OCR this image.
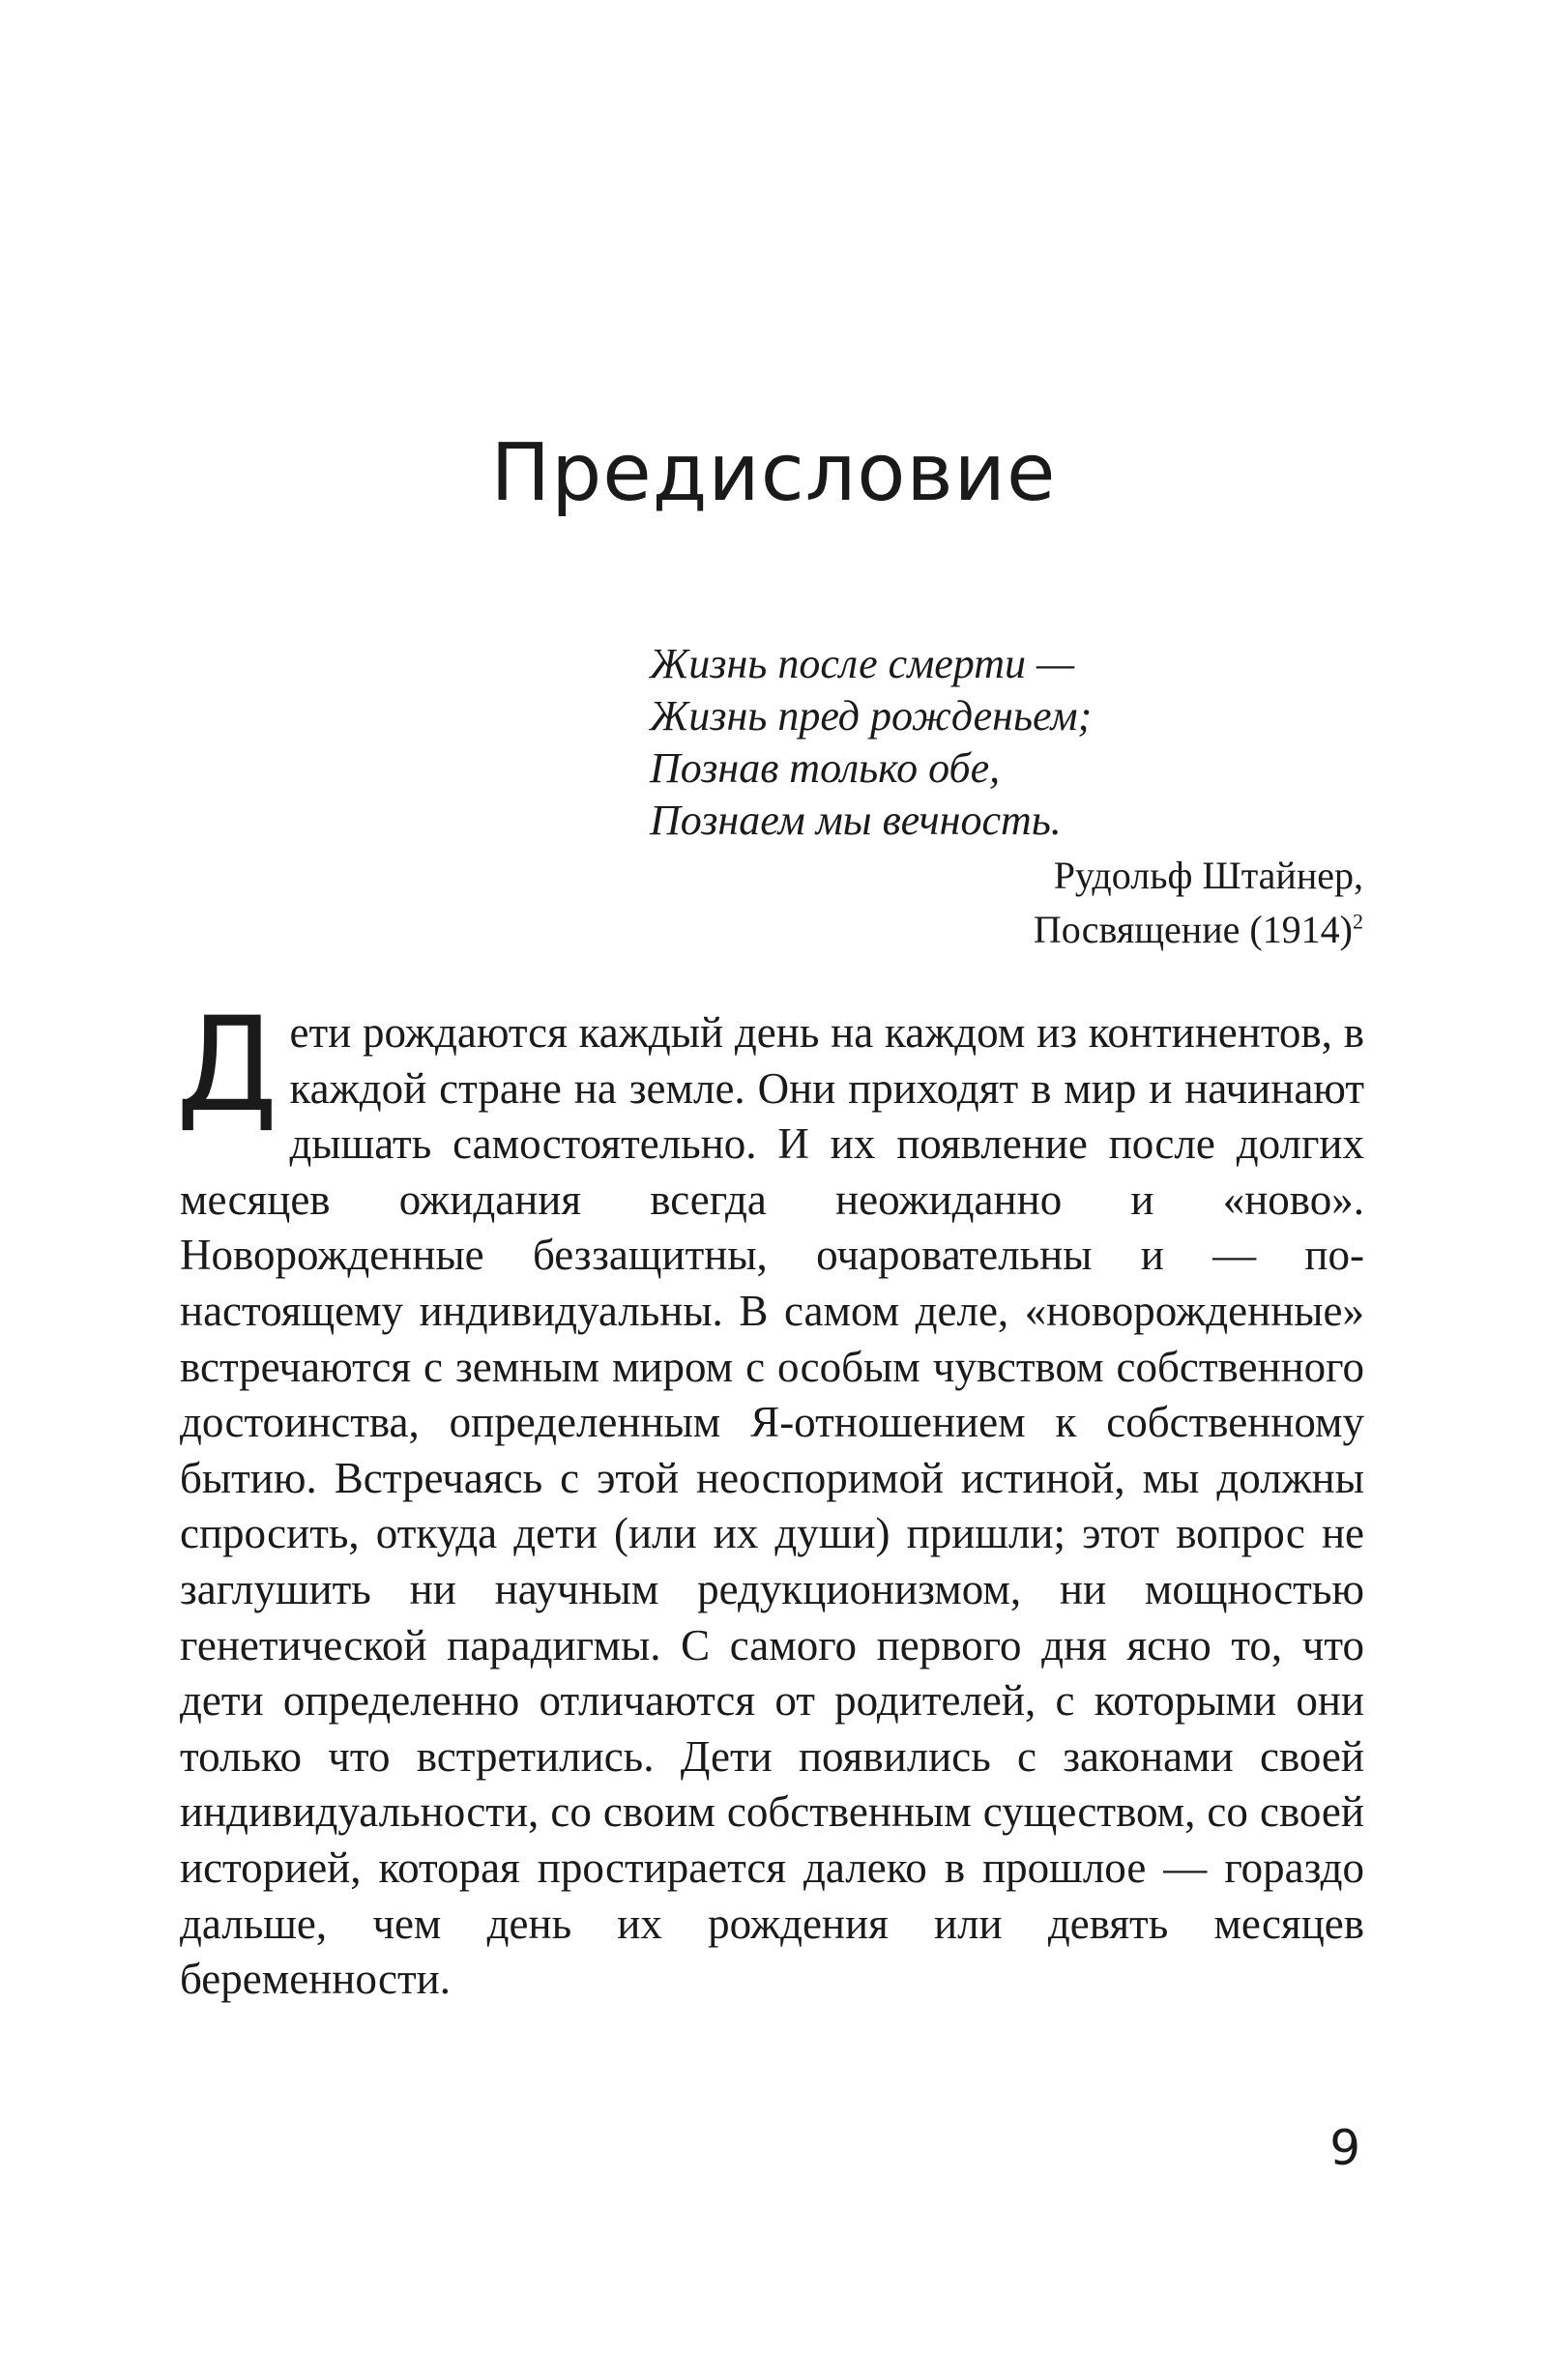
Предисловие
Жизнь после смерти —
Жизнь пред рожденьем;
Познав только обе,
Познаем мы вечность.
Рудольф Штайнер,
Посвящение $(1914)^2$

Дети рождаются каждый день на каждом из континентов, в каждой стране на земле. Они приходят в мир и начинают дышать самостоятельно. И их появление после долгих месяцев ожидания всегда неожиданно и «ново». Новорожденные беззащитны, очаровательны и — по-настоящему индивидуальны. В самом деле, «новорожденные» встречаются с земным миром с особым чувством собственного достоинства, определенным Я-отношением к собственному бытию. Встречаясь с этой неоспоримой истиной, мы должны спросить, откуда дети (или их души) пришли; этот вопрос не заглушить ни научным редукционизмом, ни мощностью генетической парадигмы. С самого первого дня ясно то, что дети определенно отличаются от родителей, с которыми они только что встретились. Дети появились с законами своей индивидуальности, со своим собственным существом, со своей историей, которая простирается далеко в прошлое — гораздо дальше, чем день их рождения или девять месяцев беременности.

9
